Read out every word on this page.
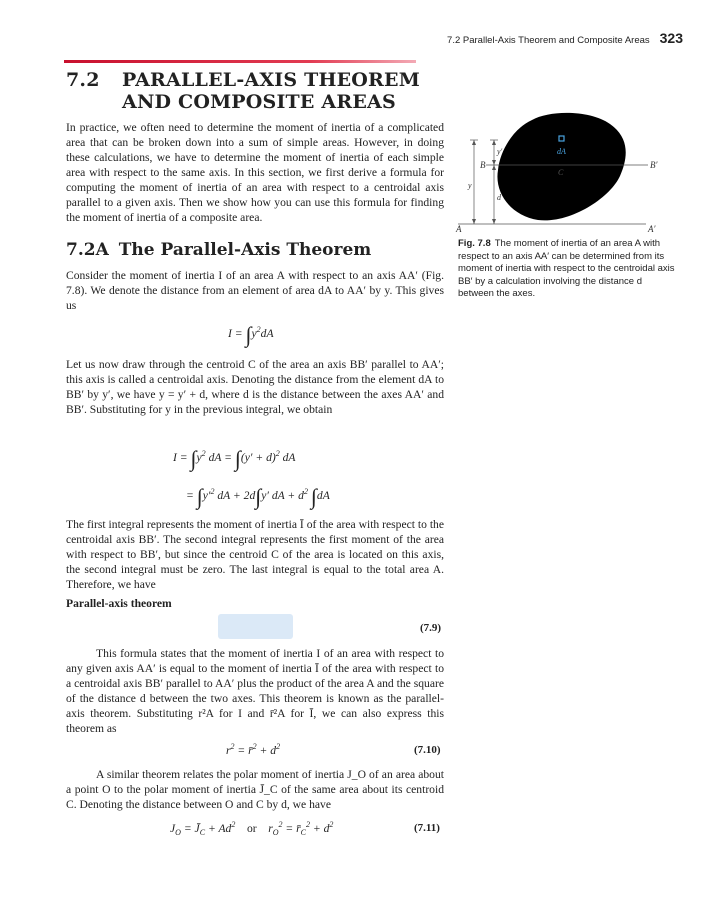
7.2 Parallel-Axis Theorem and Composite Areas 323
7.2 PARALLEL-AXIS THEOREM
AND COMPOSITE AREAS
In practice, we often need to determine the moment of inertia of a complicated area that can be broken down into a sum of simple areas. However, in doing these calculations, we have to determine the moment of inertia of each simple area with respect to the same axis. In this section, we first derive a formula for computing the moment of inertia of an area with respect to a centroidal axis parallel to a given axis. Then we show how you can use this formula for finding the moment of inertia of a composite area.
7.2A The Parallel-Axis Theorem
Consider the moment of inertia I of an area A with respect to an axis AA′ (Fig. 7.8). We denote the distance from an element of area dA to AA′ by y. This gives us
$I = \int y^2dA$
Let us now draw through the centroid C of the area an axis BB′ parallel to AA′; this axis is called a centroidal axis. Denoting the distance from the element dA to BB′ by y′, we have y = y′ + d, where d is the distance between the axes AA′ and BB′. Substituting for y in the previous integral, we obtain
$I = \int y^2$ dA = $\int(y' + d)^2$ dA
= $\int y'^2$ dA + 2d∫y′ dA + $d^2$ ∫dA
The first integral represents the moment of inertia Ī of the area with respect to the centroidal axis BB′. The second integral represents the first moment of the area with respect to BB′, but since the centroid C of the area is located on this axis, the second integral must be zero. The last integral is equal to the total area A. Therefore, we have
Parallel-axis theorem
(7.9)
This formula states that the moment of inertia I of an area with respect to any given axis AA′ is equal to the moment of inertia Ī of the area with respect to a centroidal axis BB′ parallel to AA′ plus the product of the area A and the square of the distance d between the two axes. This theorem is known as the parallel-axis theorem. Substituting r²A for I and r̄²A for Ī, we can also express this theorem as
$r^2$ = r̄$^2$ + $d^2$	(7.10)
A similar theorem relates the polar moment of inertia J_O of an area about a point O to the polar moment of inertia J̄_C of the same area about its centroid C. Denoting the distance between O and C by d, we have
$J_O$ = $J̄_C + Ad^2$ or    $r_O^2$ = $r̄_C^2 + d^2$	(7.11)
dA
C
B	B′
A	A′
y
y′
d
Fig. 7.8 The moment of inertia of an area A with respect to an axis AA′ can be determined from its moment of inertia with respect to the centroidal axis BB′ by a calculation involving the distance d between the axes.
